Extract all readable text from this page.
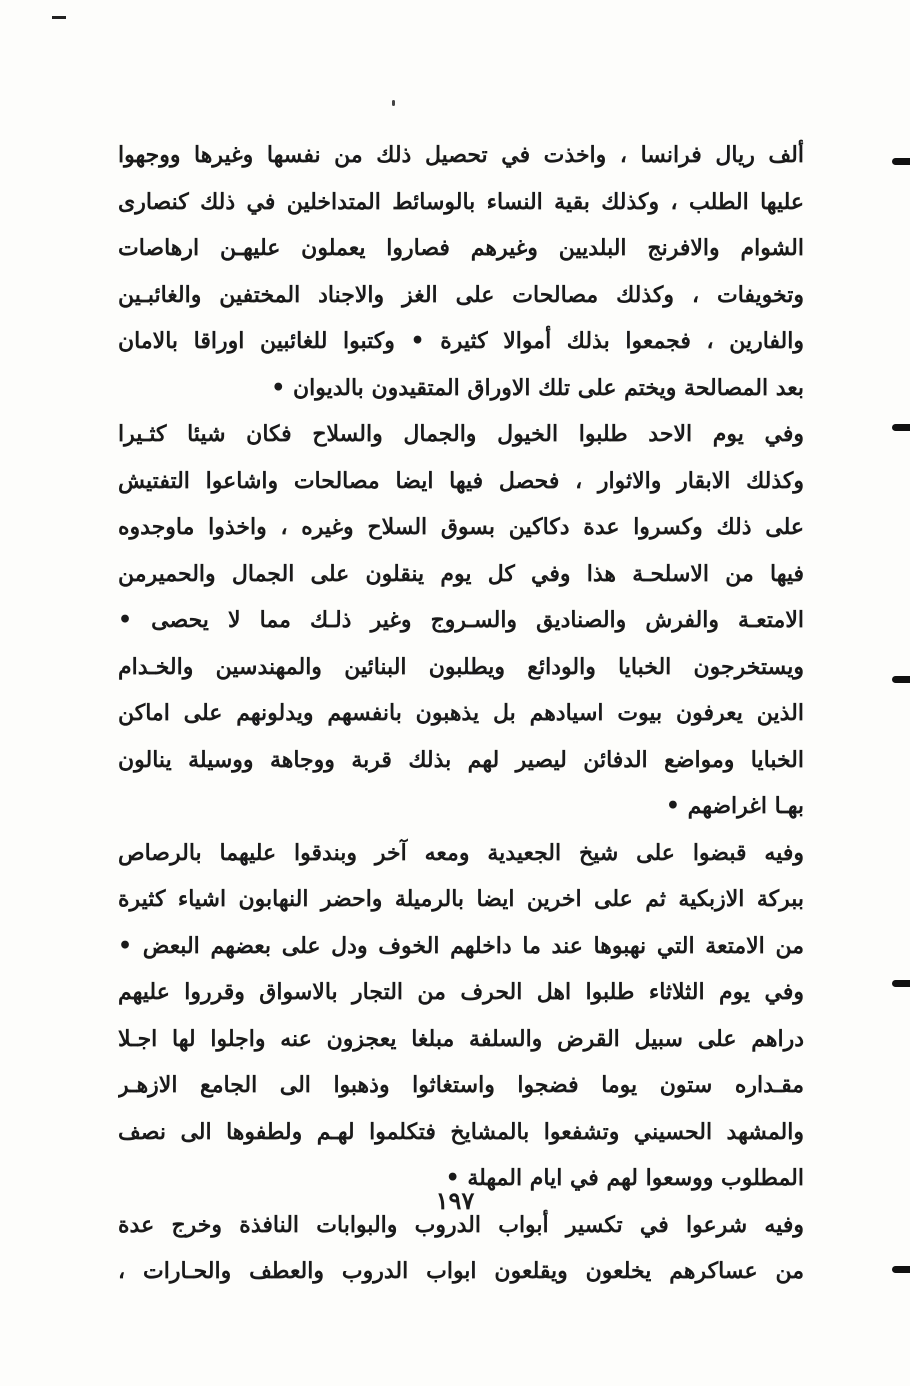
ألف ريال فرانسا ، واخذت في تحصيل ذلك من نفسها وغيرها ووجهوا
عليها الطلب ، وكذلك بقية النساء بالوسائط المتداخلين في ذلك كنصارى
الشوام والافرنج البلديين وغيرهم فصاروا يعملون عليهـن ارهاصات
وتخويفات ، وكذلك مصالحات على الغز والاجناد المختفين والغائبـين
والفارين ، فجمعوا بذلك أموالا كثيرة • وكتبوا للغائبين اوراقا بالامان
بعد المصالحة ويختم على تلك الاوراق المتقيدون بالديوان •
وفي يوم الاحد طلبوا الخيول والجمال والسلاح فكان شيئا كثـيرا
وكذلك الابقار والاثوار ، فحصل فيها ايضا مصالحات واشاعوا التفتيش
على ذلك وكسروا عدة دكاكين بسوق السلاح وغيره ، واخذوا ماوجدوه
فيها من الاسلحـة هذا وفي كل يوم ينقلون على الجمال والحميرمن
الامتعـة والفرش والصناديق والسـروج وغير ذلـك مما لا يحصى •
ويستخرجون الخبايا والودائع ويطلبون البنائين والمهندسين والخـدام
الذين يعرفون بيوت اسيادهم بل يذهبون بانفسهم ويدلونهم على اماكن
الخبايا ومواضع الدفائن ليصير لهم بذلك قربة ووجاهة ووسيلة ينالون
بهـا اغراضهم •
وفيه قبضوا على شيخ الجعيدية ومعه آخر وبندقوا عليهما بالرصاص
ببركة الازبكية ثم على اخرين ايضا بالرميلة واحضر النهابون اشياء كثيرة
من الامتعة التي نهبوها عند ما داخلهم الخوف ودل على بعضهم البعض •
وفي يوم الثلاثاء طلبوا اهل الحرف من التجار بالاسواق وقرروا عليهم
دراهم على سبيل القرض والسلفة مبلغا يعجزون عنه واجلوا لها اجـلا
مقـداره ستون يوما فضجوا واستغاثوا وذهبوا الى الجامع الازهـر
والمشهد الحسيني وتشفعوا بالمشايخ فتكلموا لهـم ولطفوها الى نصف
المطلوب ووسعوا لهم في ايام المهلة •
وفيه شرعوا في تكسير أبواب الدروب والبوابات النافذة وخرج عدة
من عساكرهم يخلعون ويقلعون ابواب الدروب والعطف والحـارات ،
١٩٧
